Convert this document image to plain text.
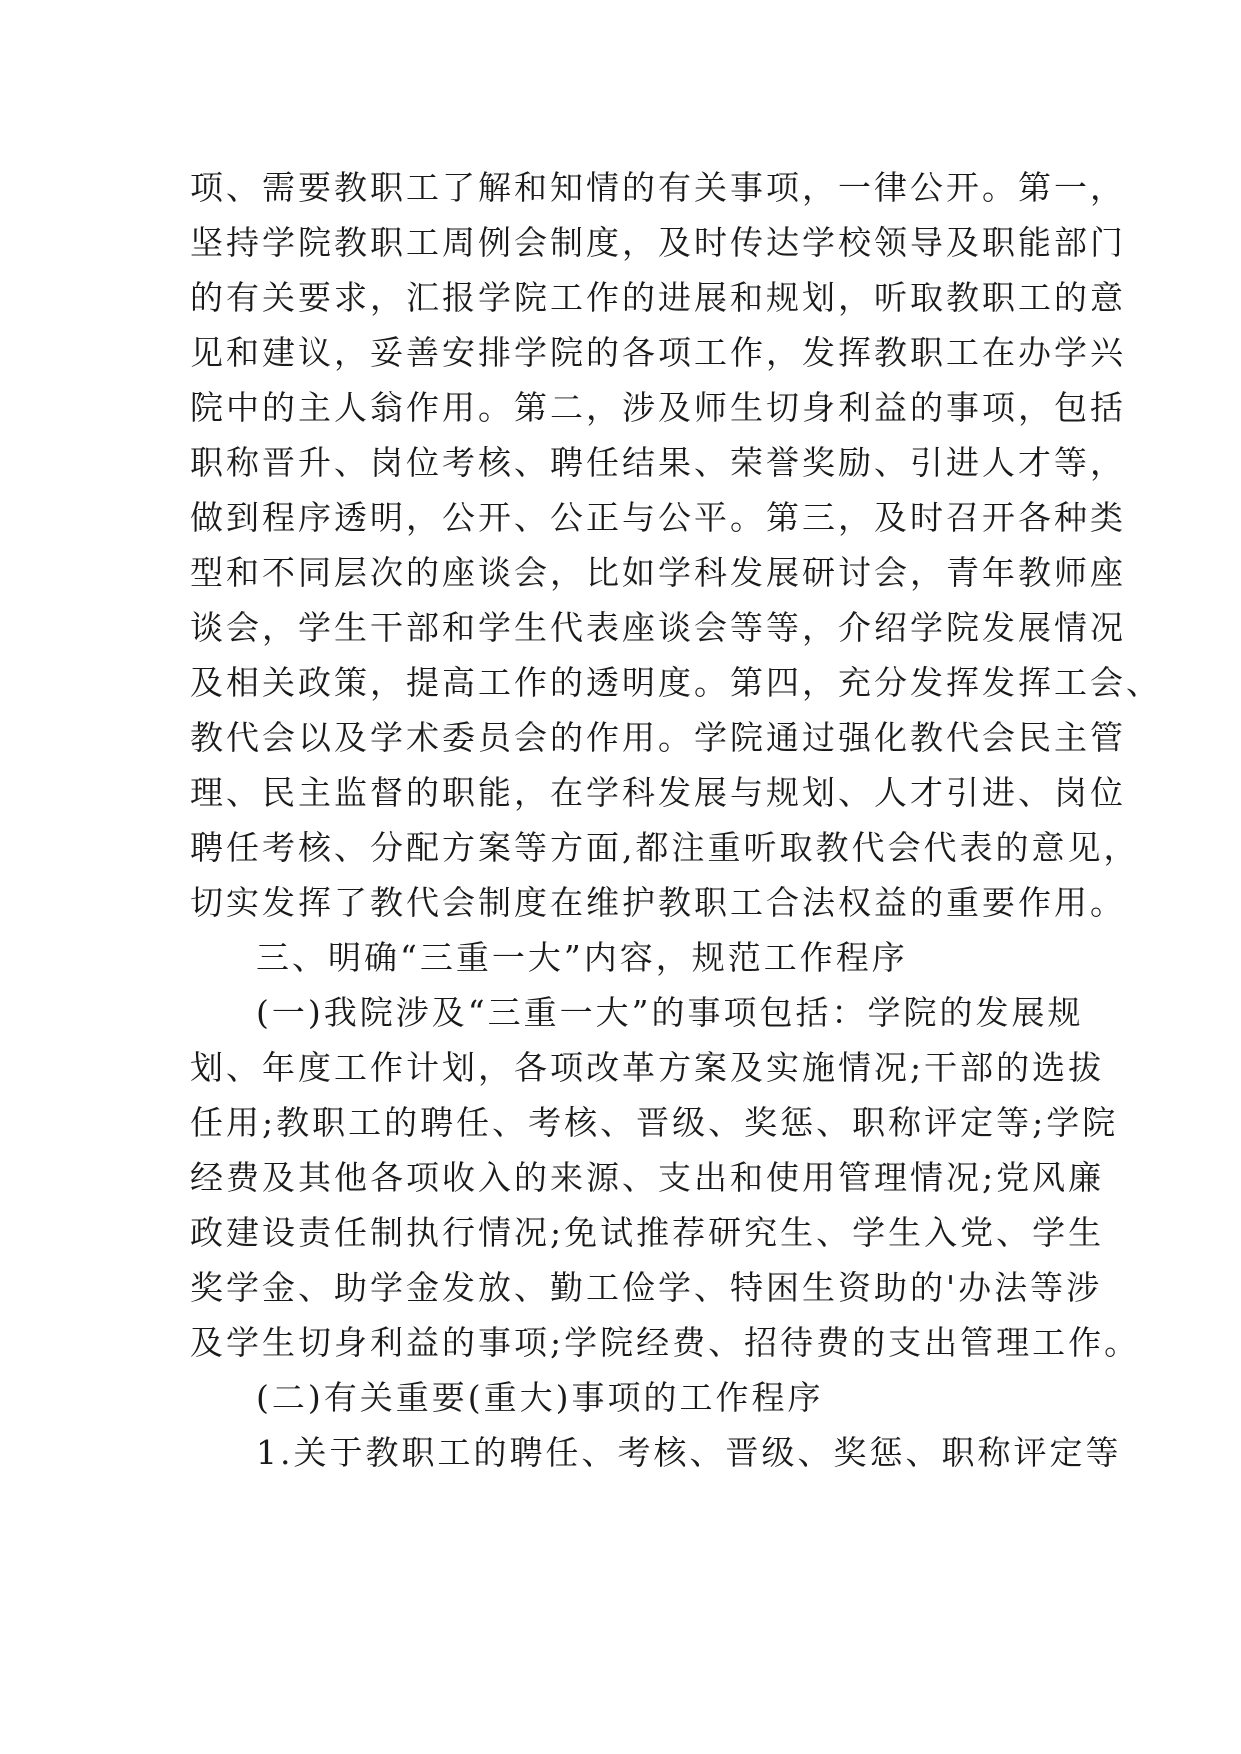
项、需要教职工了解和知情的有关事项，一律公开。第一，
坚持学院教职工周例会制度，及时传达学校领导及职能部门
的有关要求，汇报学院工作的进展和规划，听取教职工的意
见和建议，妥善安排学院的各项工作，发挥教职工在办学兴
院中的主人翁作用。第二，涉及师生切身利益的事项，包括
职称晋升、岗位考核、聘任结果、荣誉奖励、引进人才等，
做到程序透明，公开、公正与公平。第三，及时召开各种类
型和不同层次的座谈会，比如学科发展研讨会，青年教师座
谈会，学生干部和学生代表座谈会等等，介绍学院发展情况
及相关政策，提高工作的透明度。第四，充分发挥发挥工会、
教代会以及学术委员会的作用。学院通过强化教代会民主管
理、民主监督的职能，在学科发展与规划、人才引进、岗位
聘任考核、分配方案等方面,都注重听取教代会代表的意见，
切实发挥了教代会制度在维护教职工合法权益的重要作用。
三、明确“三重一大”内容，规范工作程序
(一)我院涉及“三重一大”的事项包括：学院的发展规
划、年度工作计划，各项改革方案及实施情况;干部的选拔
任用;教职工的聘任、考核、晋级、奖惩、职称评定等;学院
经费及其他各项收入的来源、支出和使用管理情况;党风廉
政建设责任制执行情况;免试推荐研究生、学生入党、学生
奖学金、助学金发放、勤工俭学、特困生资助的'办法等涉
及学生切身利益的事项;学院经费、招待费的支出管理工作。
(二)有关重要(重大)事项的工作程序
1.关于教职工的聘任、考核、晋级、奖惩、职称评定等
